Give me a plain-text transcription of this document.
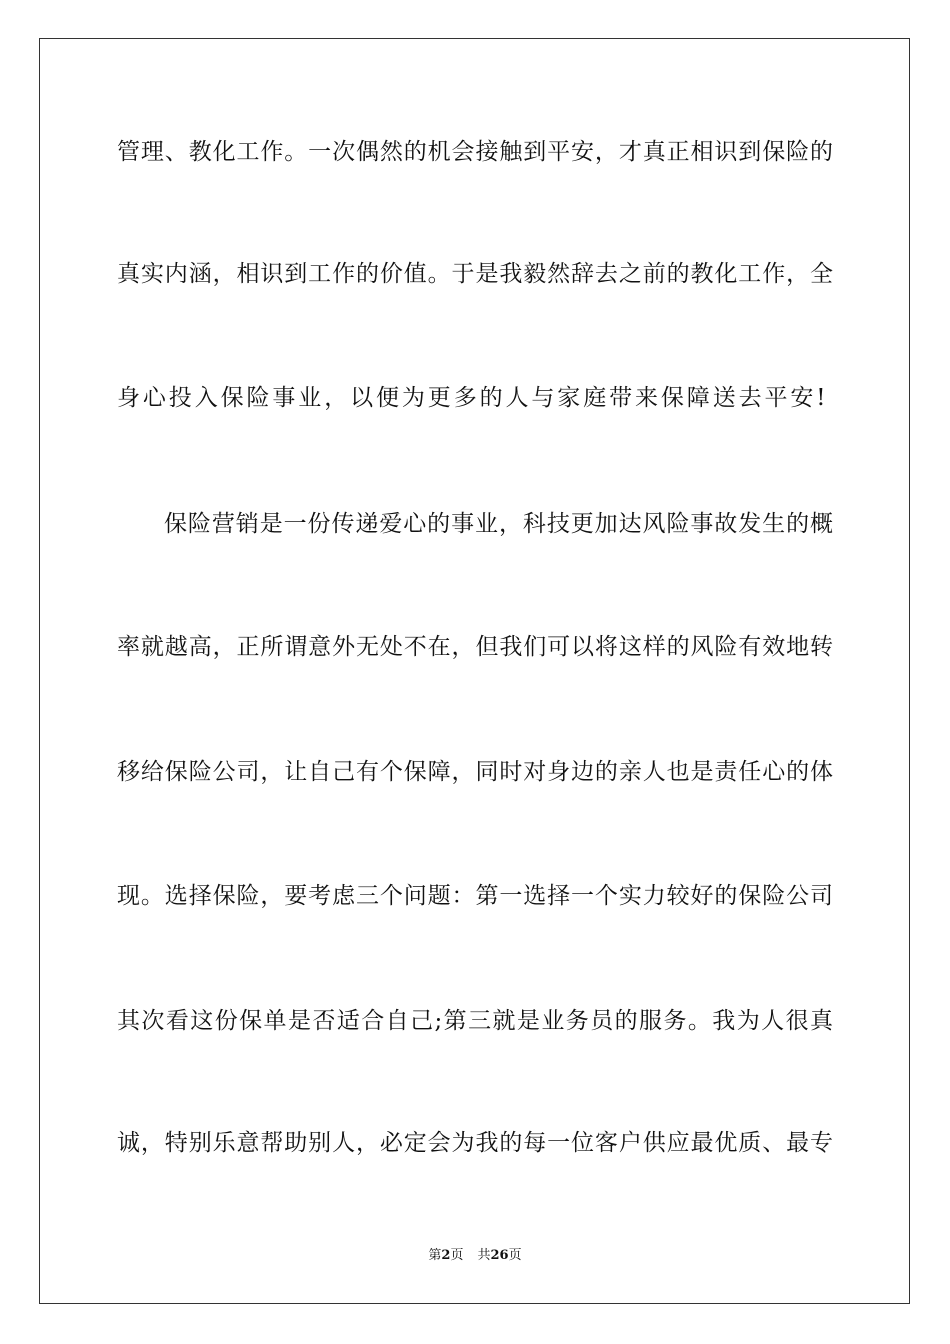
管理、教化工作。一次偶然的机会接触到平安，才真正相识到保险的
真实内涵，相识到工作的价值。于是我毅然辞去之前的教化工作，全
身心投入保险事业，以便为更多的人与家庭带来保障送去平安!
保险营销是一份传递爱心的事业，科技更加达风险事故发生的概
率就越高，正所谓意外无处不在，但我们可以将这样的风险有效地转
移给保险公司，让自己有个保障，同时对身边的亲人也是责任心的体
现。选择保险，要考虑三个问题：第一选择一个实力较好的保险公司
其次看这份保单是否适合自己;第三就是业务员的服务。我为人很真
诚，特别乐意帮助别人，必定会为我的每一位客户供应最优质、最专
第2页 共26页
